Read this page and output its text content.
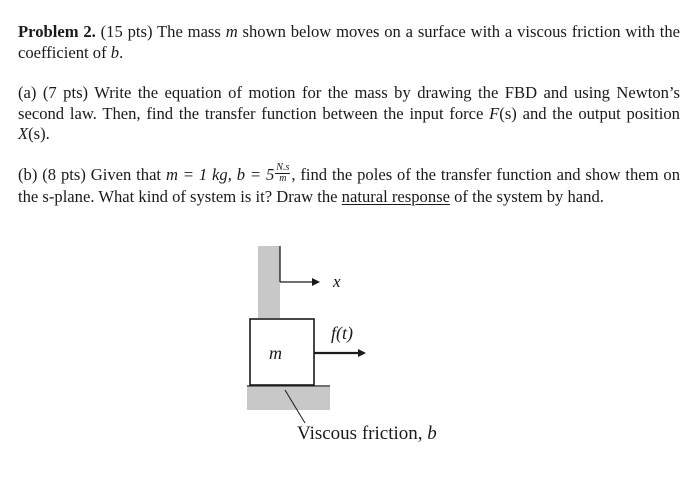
Problem 2. (15 pts) The mass m shown below moves on a surface with a viscous friction with the coefficient of b.

(a) (7 pts) Write the equation of motion for the mass by drawing the FBD and using Newton’s second law. Then, find the transfer function between the input force F(s) and the output position X(s).

(b) (8 pts) Given that m = 1 kg, $b = 5 \frac{N.s}{m}$ , find the poles of the transfer function and show them on the s-plane. What kind of system is it? Draw the natural response of the system by hand.

x
f(t)
m
Viscous friction, b
